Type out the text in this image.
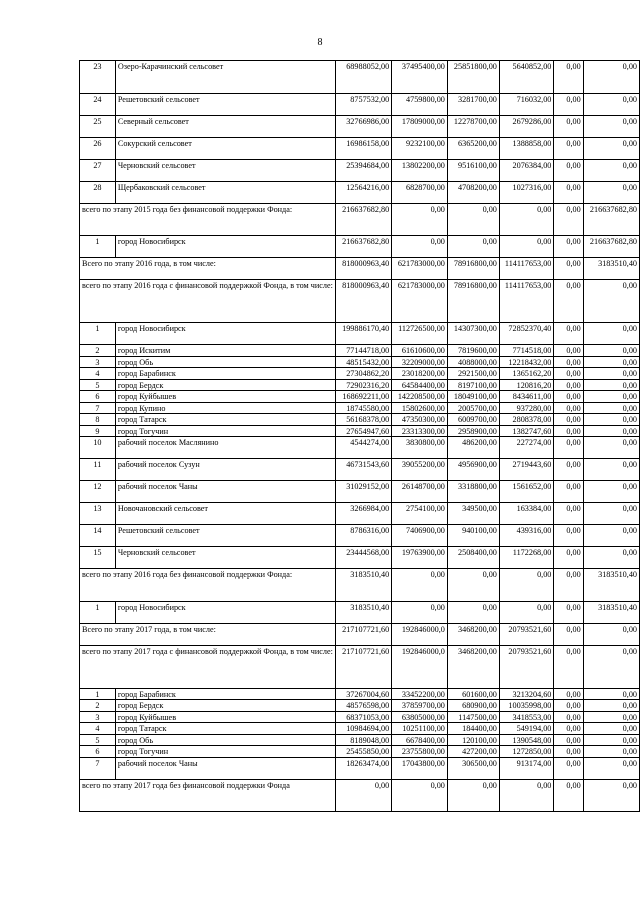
8
23	Озеро-Карачинский сельсовет	68988052,00	37495400,00	25851800,00	5640852,00	0,00	0,00
24	Решетовский сельсовет	8757532,00	4759800,00	3281700,00	716032,00	0,00	0,00
25	Северный сельсовет	32766986,00	17809000,00	12278700,00	2679286,00	0,00	0,00
26	Сокурский сельсовет	16986158,00	9232100,00	6365200,00	1388858,00	0,00	0,00
27	Черновский сельсовет	25394684,00	13802200,00	9516100,00	2076384,00	0,00	0,00
28	Щербаковский сельсовет	12564216,00	6828700,00	4708200,00	1027316,00	0,00	0,00
всего по этапу 2015 года без финансовой поддержки Фонда:		216637682,80	0,00	0,00	0,00	0,00	216637682,80
1	город Новосибирск	216637682,80	0,00	0,00	0,00	0,00	216637682,80
Всего по этапу 2016 года, в том числе:		818000963,40	621783000,00	78916800,00	114117653,00	0,00	3183510,40
всего по этапу 2016 года с финансовой поддержкой Фонда, в том числе:		818000963,40	621783000,00	78916800,00	114117653,00	0,00	0,00
1	город Новосибирск	199886170,40	112726500,00	14307300,00	72852370,40	0,00	0,00
2	город Искитим	77144718,00	61610600,00	7819600,00	7714518,00	0,00	0,00
3	город Обь	48515432,00	32209000,00	4088000,00	12218432,00	0,00	0,00
4	город Барабинск	27304862,20	23018200,00	2921500,00	1365162,20	0,00	0,00
5	город Бердск	72902316,20	64584400,00	8197100,00	120816,20	0,00	0,00
6	город Куйбышев	168692211,00	142208500,00	18049100,00	8434611,00	0,00	0,00
7	город Купино	18745580,00	15802600,00	2005700,00	937280,00	0,00	0,00
8	город Татарск	56168378,00	47350300,00	6009700,00	2808378,00	0,00	0,00
9	город Тогучин	27654947,60	23313300,00	2958900,00	1382747,60	0,00	0,00
10	рабочий поселок Маслянино	4544274,00	3830800,00	486200,00	227274,00	0,00	0,00
11	рабочий поселок Сузун	46731543,60	39055200,00	4956900,00	2719443,60	0,00	0,00
12	рабочий поселок Чаны	31029152,00	26148700,00	3318800,00	1561652,00	0,00	0,00
13	Новочановский сельсовет	3266984,00	2754100,00	349500,00	163384,00	0,00	0,00
14	Решетовский сельсовет	8786316,00	7406900,00	940100,00	439316,00	0,00	0,00
15	Черновский сельсовет	23444568,00	19763900,00	2508400,00	1172268,00	0,00	0,00
всего по этапу 2016 года без финансовой поддержки Фонда:		3183510,40	0,00	0,00	0,00	0,00	3183510,40
1	город Новосибирск	3183510,40	0,00	0,00	0,00	0,00	3183510,40
Всего по этапу 2017 года, в том числе:		217107721,60	192846000,0	3468200,00	20793521,60	0,00	0,00
всего по этапу 2017 года с финансовой поддержкой Фонда, в том числе:		217107721,60	192846000,0	3468200,00	20793521,60	0,00	0,00
1	город Барабинск	37267004,60	33452200,00	601600,00	3213204,60	0,00	0,00
2	город Бердск	48576598,00	37859700,00	680900,00	10035998,00	0,00	0,00
3	город Куйбышев	68371053,00	63805000,00	1147500,00	3418553,00	0,00	0,00
4	город Татарск	10984694,00	10251100,00	184400,00	549194,00	0,00	0,00
5	город Обь	8189048,00	6678400,00	120100,00	1390548,00	0,00	0,00
6	город Тогучин	25455850,00	23755800,00	427200,00	1272850,00	0,00	0,00
7	рабочий поселок Чаны	18263474,00	17043800,00	306500,00	913174,00	0,00	0,00
всего по этапу 2017 года без финансовой поддержки Фонда		0,00	0,00	0,00	0,00	0,00	0,00
